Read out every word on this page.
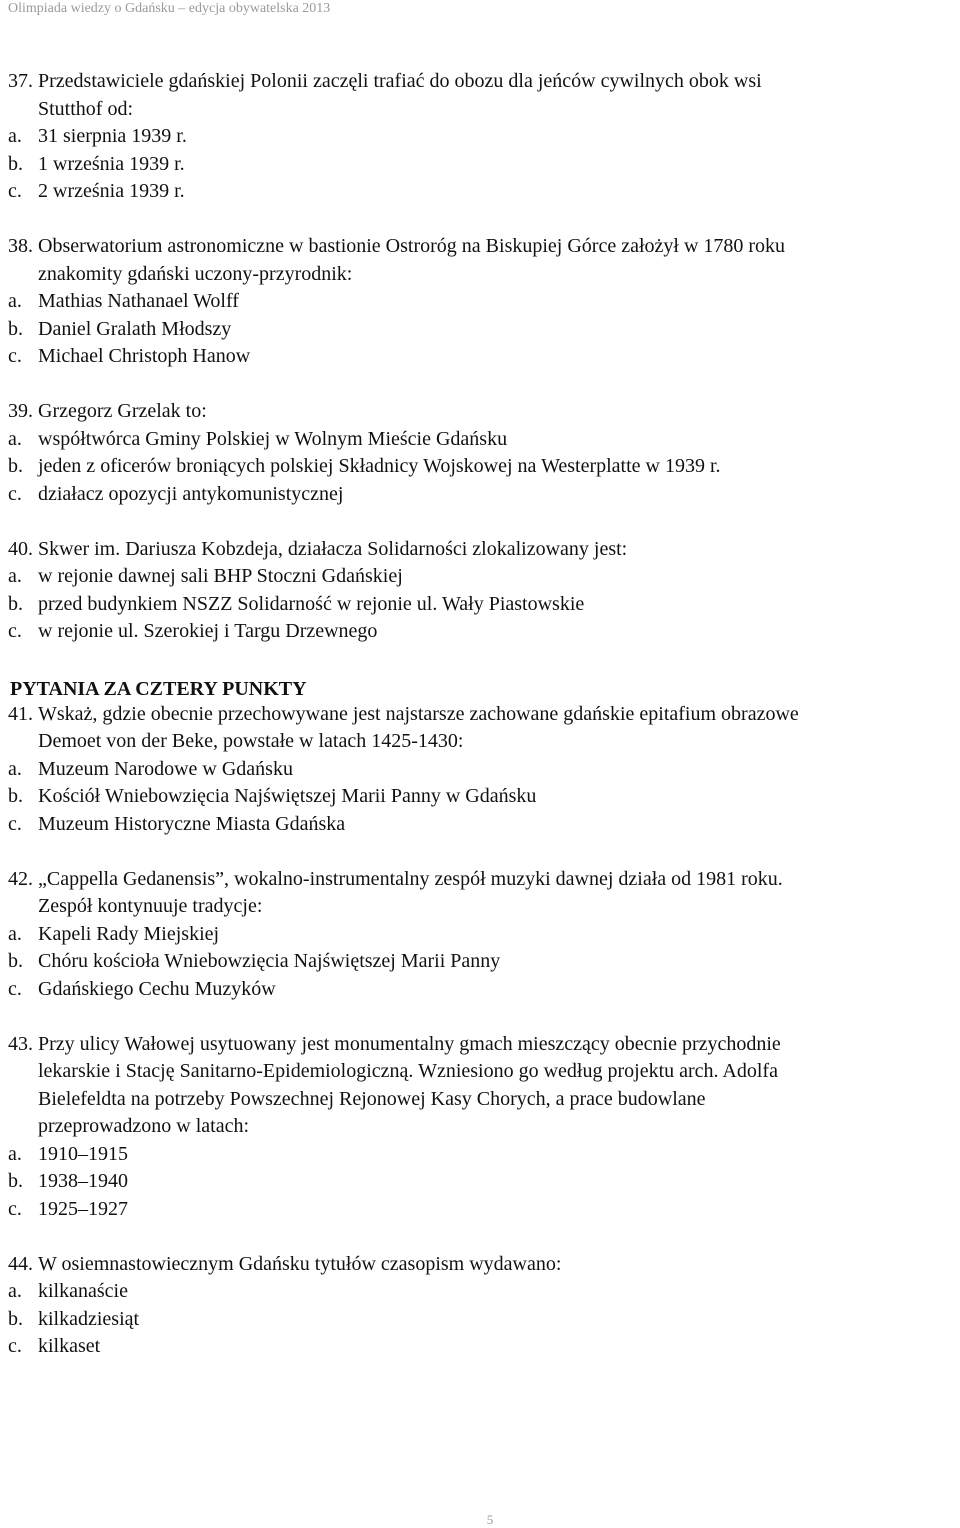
Olimpiada wiedzy o Gdańsku – edycja obywatelska 2013
37. Przedstawiciele gdańskiej Polonii zaczęli trafiać do obozu dla jeńców cywilnych obok wsi
Stutthof od:
a. 31 sierpnia 1939 r.
b. 1 września 1939 r.
c. 2 września 1939 r.
38. Obserwatorium astronomiczne w bastionie Ostroróg na Biskupiej Górce założył w 1780 roku
znakomity gdański uczony-przyrodnik:
a. Mathias Nathanael Wolff
b. Daniel Gralath Młodszy
c. Michael Christoph Hanow
39. Grzegorz Grzelak to:
a. współtwórca Gminy Polskiej w Wolnym Mieście Gdańsku
b. jeden z oficerów broniących polskiej Składnicy Wojskowej na Westerplatte w 1939 r.
c. działacz opozycji antykomunistycznej
40. Skwer im. Dariusza Kobzdeja, działacza Solidarności zlokalizowany jest:
a. w rejonie dawnej sali BHP Stoczni Gdańskiej
b. przed budynkiem NSZZ Solidarność w rejonie ul. Wały Piastowskie
c. w rejonie ul. Szerokiej i Targu Drzewnego
PYTANIA ZA CZTERY PUNKTY
41. Wskaż, gdzie obecnie przechowywane jest najstarsze zachowane gdańskie epitafium obrazowe
Demoet von der Beke, powstałe w latach 1425-1430:
a. Muzeum Narodowe w Gdańsku
b. Kościół Wniebowzięcia Najświętszej Marii Panny w Gdańsku
c. Muzeum Historyczne Miasta Gdańska
42. „Cappella Gedanensis”, wokalno-instrumentalny zespół muzyki dawnej działa od 1981 roku.
Zespół kontynuuje tradycje:
a. Kapeli Rady Miejskiej
b. Chóru kościoła Wniebowzięcia Najświętszej Marii Panny
c. Gdańskiego Cechu Muzyków
43. Przy ulicy Wałowej usytuowany jest monumentalny gmach mieszczący obecnie przychodnie
lekarskie i Stację Sanitarno-Epidemiologiczną. Wzniesiono go według projektu arch. Adolfa
Bielefeldta na potrzeby Powszechnej Rejonowej Kasy Chorych, a prace budowlane
przeprowadzono w latach:
a. 1910–1915
b. 1938–1940
c. 1925–1927
44. W osiemnastowiecznym Gdańsku tytułów czasopism wydawano:
a. kilkanaście
b. kilkadziesiąt
c. kilkaset
5
